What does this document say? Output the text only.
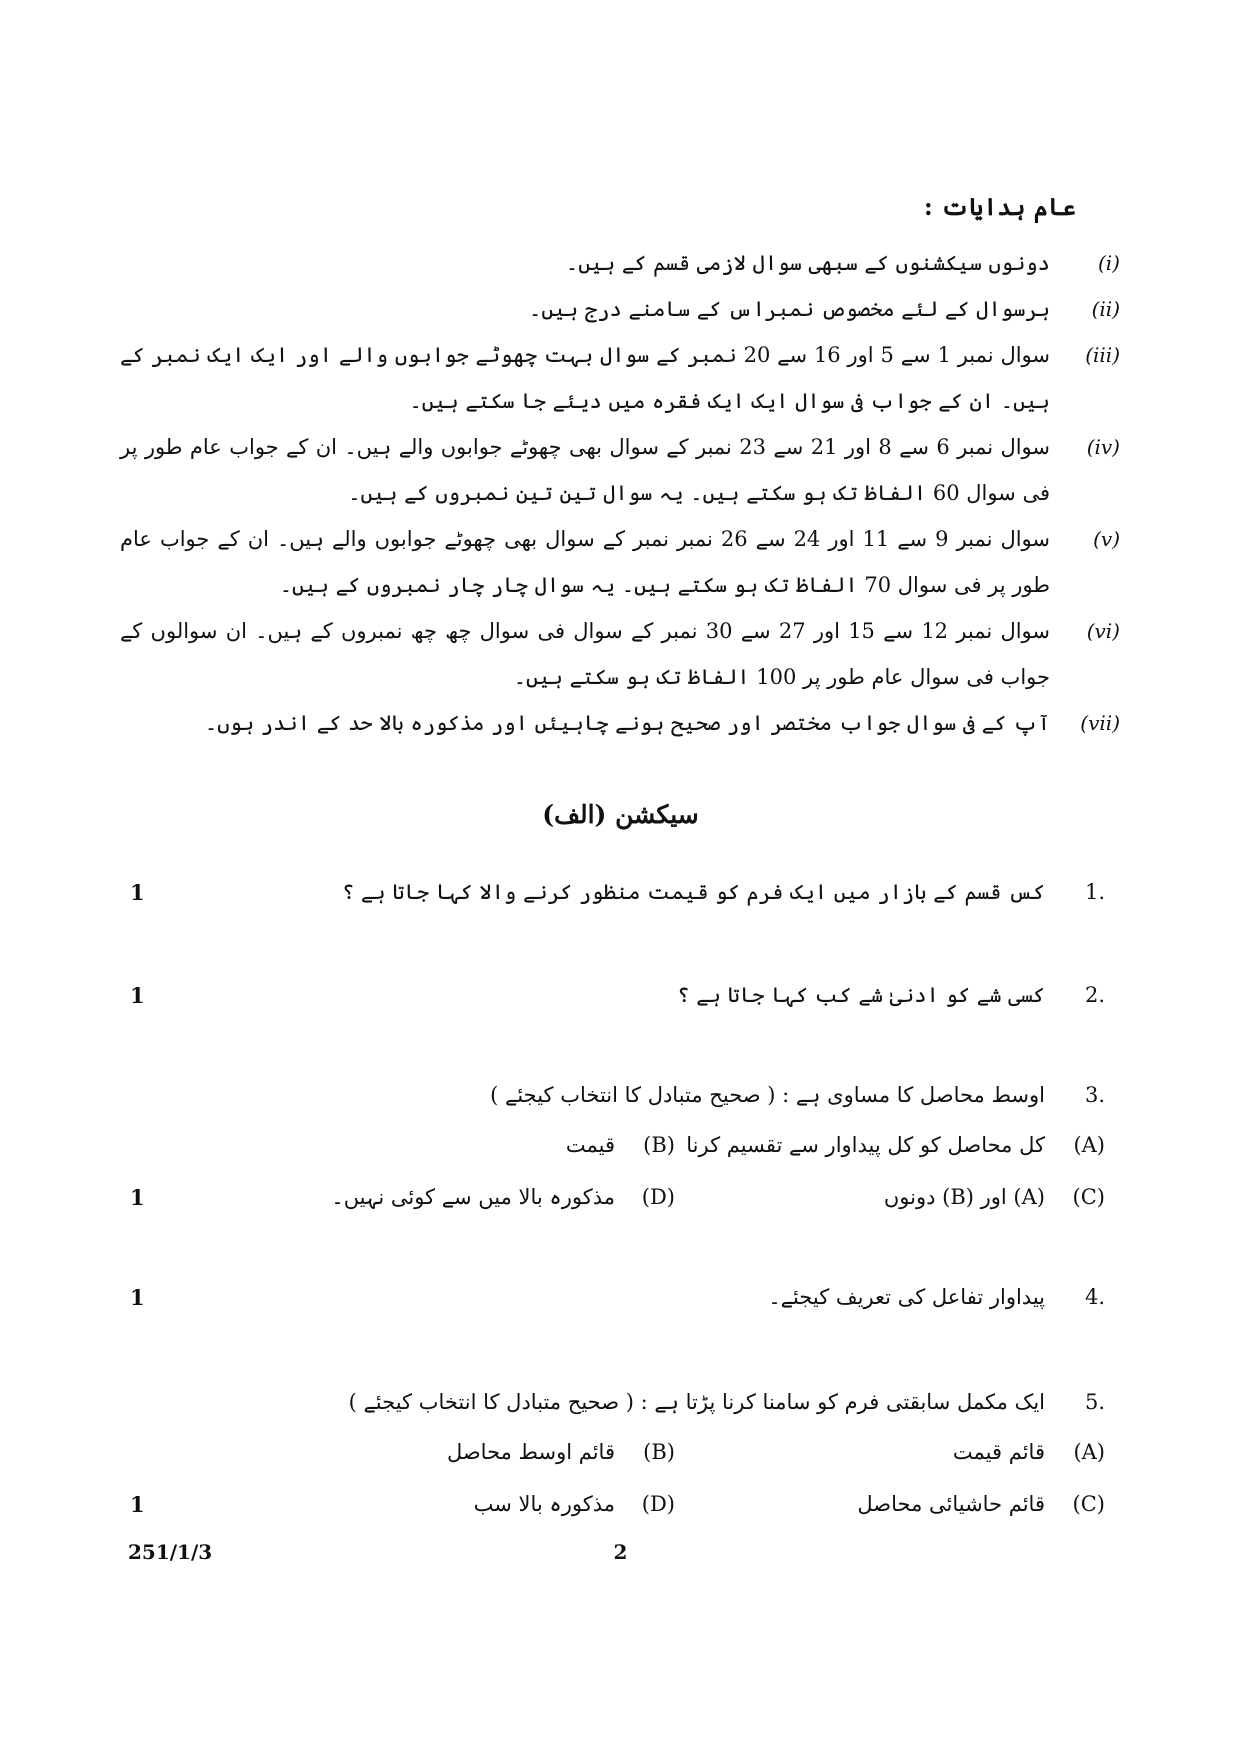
عام ہدایات :
(i)
دونوں سیکشنوں کے سبھی سوال لازمی قسم کے ہیں۔
(ii)
ہرسوال کے لئے مخصوص نمبراس کے سامنے درج ہیں۔
(iii)
سوال نمبر 1 سے 5 اور 16 سے 20 نمبر کے سوال بہت چھوٹے جوابوں والے اور ایک ایک نمبر کے ہیں۔ ان کے جواب فی سوال ایک ایک فقرہ میں دیئے جا سکتے ہیں۔
(iv)
سوال نمبر 6 سے 8 اور 21 سے 23 نمبر کے سوال بھی چھوٹے جوابوں والے ہیں۔ ان کے جواب عام طور پر فی سوال 60 الفاظ تک ہو سکتے ہیں۔ یہ سوال تین تین نمبروں کے ہیں۔
(v)
سوال نمبر 9 سے 11 اور 24 سے 26 نمبر نمبر کے سوال بھی چھوٹے جوابوں والے ہیں۔ ان کے جواب عام طور پر فی سوال 70 الفاظ تک ہو سکتے ہیں۔ یہ سوال چار چار نمبروں کے ہیں۔
(vi)
سوال نمبر 12 سے 15 اور 27 سے 30 نمبر کے سوال فی سوال چھ چھ نمبروں کے ہیں۔ ان سوالوں کے جواب فی سوال عام طور پر 100 الفاظ تک ہو سکتے ہیں۔
(vii)
آپ کے فی سوال جواب مختصر اور صحیح ہونے چاہیئں اور مذکورہ بالا حد کے اندر ہوں۔
سیکشن (الف)
1.
کس قسم کے بازار میں ایک فرم کو قیمت منظور کرنے والا کہا جاتا ہے ؟
1
2.
کسی شے کو ادنیٰ شے کب کہا جاتا ہے ؟
1
3.
اوسط محاصل کا مساوی ہے : ( صحیح متبادل کا انتخاب کیجئے )
(A)
کل محاصل کو کل پیداوار سے تقسیم کرنا
(B)
قیمت
(C)
(A) اور (B) دونوں
(D)
مذکورہ بالا میں سے کوئی نہیں۔
1
4.
پیداوار تفاعل کی تعریف کیجئے۔
1
5.
ایک مکمل سابقتی فرم کو سامنا کرنا پڑتا ہے : ( صحیح متبادل کا انتخاب کیجئے )
(A)
قائم قیمت
(B)
قائم اوسط محاصل
(C)
قائم حاشیائی محاصل
(D)
مذکورہ بالا سب
1
251/1/3	2
